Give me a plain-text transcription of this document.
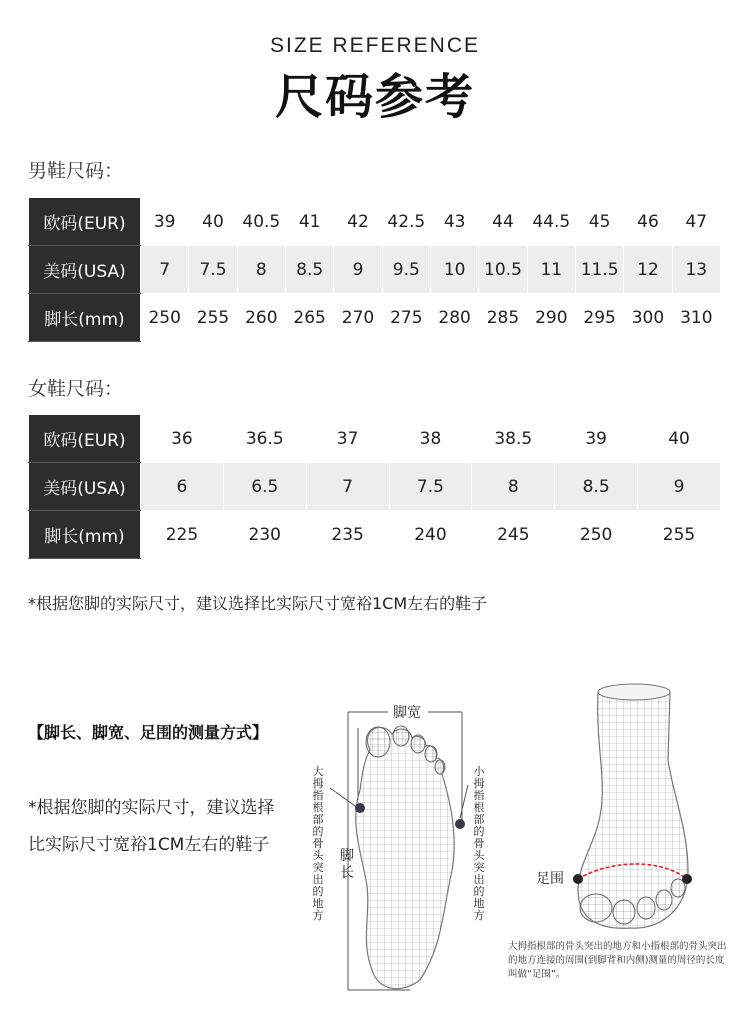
SIZE REFERENCE
尺码参考
男鞋尺码：
欧码(EUR)	39	40	40.5	41	42	42.5	43	44	44.5	45	46	47
美码(USA)	7	7.5	8	8.5	9	9.5	10	10.5	11	11.5	12	13
脚长(mm)	250	255	260	265	270	275	280	285	290	295	300	310
女鞋尺码：
欧码(EUR)	36	36.5	37	38	38.5	39	40
美码(USA)	6	6.5	7	7.5	8	8.5	9
脚长(mm)	225	230	235	240	245	250	255
*根据您脚的实际尺寸，建议选择比实际尺寸宽裕1CM左右的鞋子
【脚长、脚宽、足围的测量方式】
*根据您脚的实际尺寸，建议选择比实际尺寸宽裕1CM左右的鞋子
脚宽
脚长
大拇指根部的骨头突出的地方
小拇指根部的骨头突出的地方
足围
大拇指根部的骨头突出的地方和小指根部的骨头突出的地方连接的周围(到脚背和内侧)测量的周径的长度叫做“足围”。
